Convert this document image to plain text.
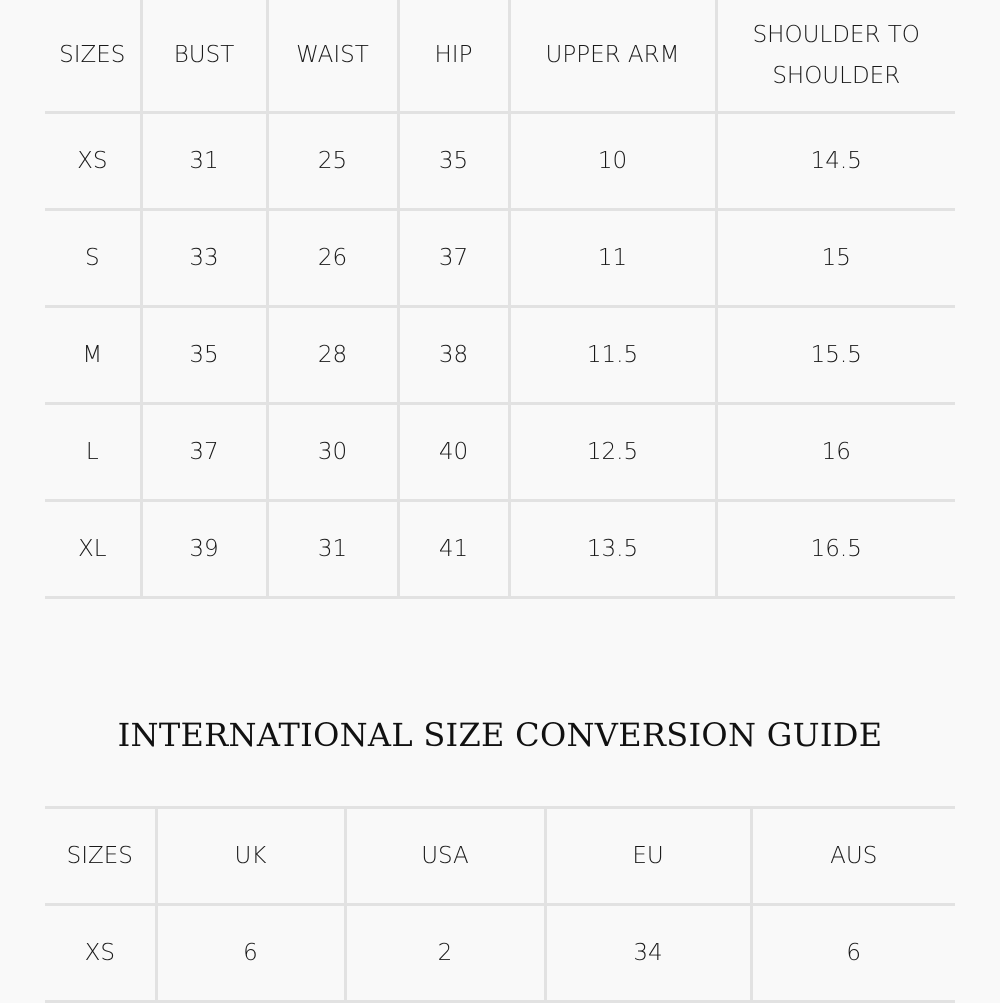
SIZES	BUST	WAIST	HIP	UPPER ARM	SHOULDER TO
SHOULDER
XS	31	25	35	10	14.5
S	33	26	37	11	15
M	35	28	38	11.5	15.5
L	37	30	40	12.5	16
XL	39	31	41	13.5	16.5
INTERNATIONAL SIZE CONVERSION GUIDE
SIZES	UK	USA	EU	AUS
XS	6	2	34	6
